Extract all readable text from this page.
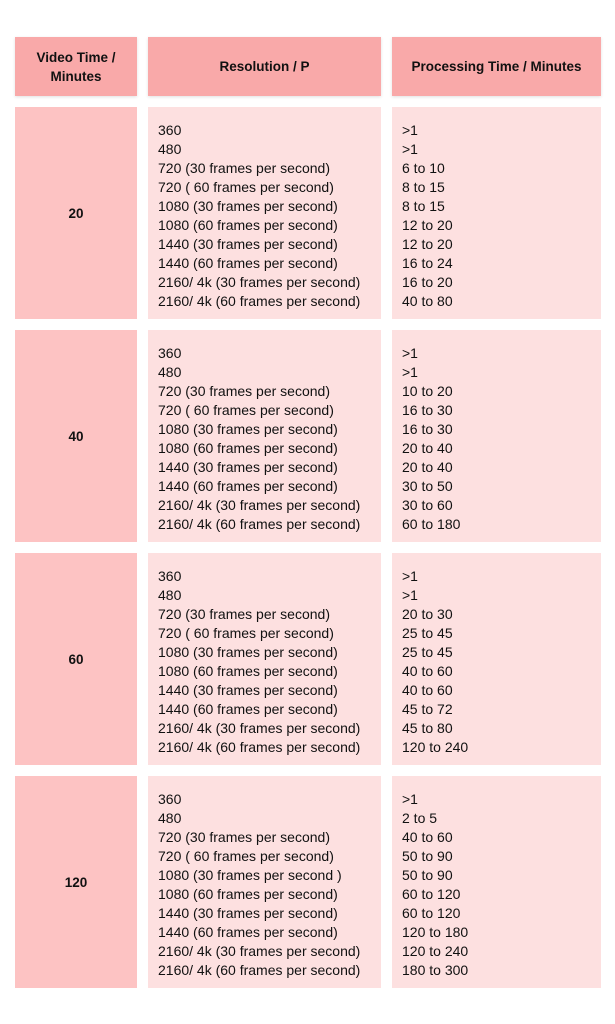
Video Time / Minutes
Resolution / P	Processing Time / Minutes
20
360
480
720 (30 frames per second)
720 ( 60 frames per second)
1080 (30 frames per second)
1080 (60 frames per second)
1440 (30 frames per second)
1440 (60 frames per second)
2160/ 4k (30 frames per second)
2160/ 4k (60 frames per second)
>1
>1
6 to 10
8 to 15
8 to 15
12 to 20
12 to 20
16 to 24
16 to 20
40 to 80
40
360
480
720 (30 frames per second)
720 ( 60 frames per second)
1080 (30 frames per second)
1080 (60 frames per second)
1440 (30 frames per second)
1440 (60 frames per second)
2160/ 4k (30 frames per second)
2160/ 4k (60 frames per second)
>1
>1
10 to 20
16 to 30
16 to 30
20 to 40
20 to 40
30 to 50
30 to 60
60 to 180
60
360
480
720 (30 frames per second)
720 ( 60 frames per second)
1080 (30 frames per second)
1080 (60 frames per second)
1440 (30 frames per second)
1440 (60 frames per second)
2160/ 4k (30 frames per second)
2160/ 4k (60 frames per second)
>1
>1
20 to 30
25 to 45
25 to 45
40 to 60
40 to 60
45 to 72
45 to 80
120 to 240
120
360
480
720 (30 frames per second)
720 ( 60 frames per second)
1080 (30 frames per second )
1080 (60 frames per second)
1440 (30 frames per second)
1440 (60 frames per second)
2160/ 4k (30 frames per second)
2160/ 4k (60 frames per second)
>1
2 to 5
40 to 60
50 to 90
50 to 90
60 to 120
60 to 120
120 to 180
120 to 240
180 to 300
